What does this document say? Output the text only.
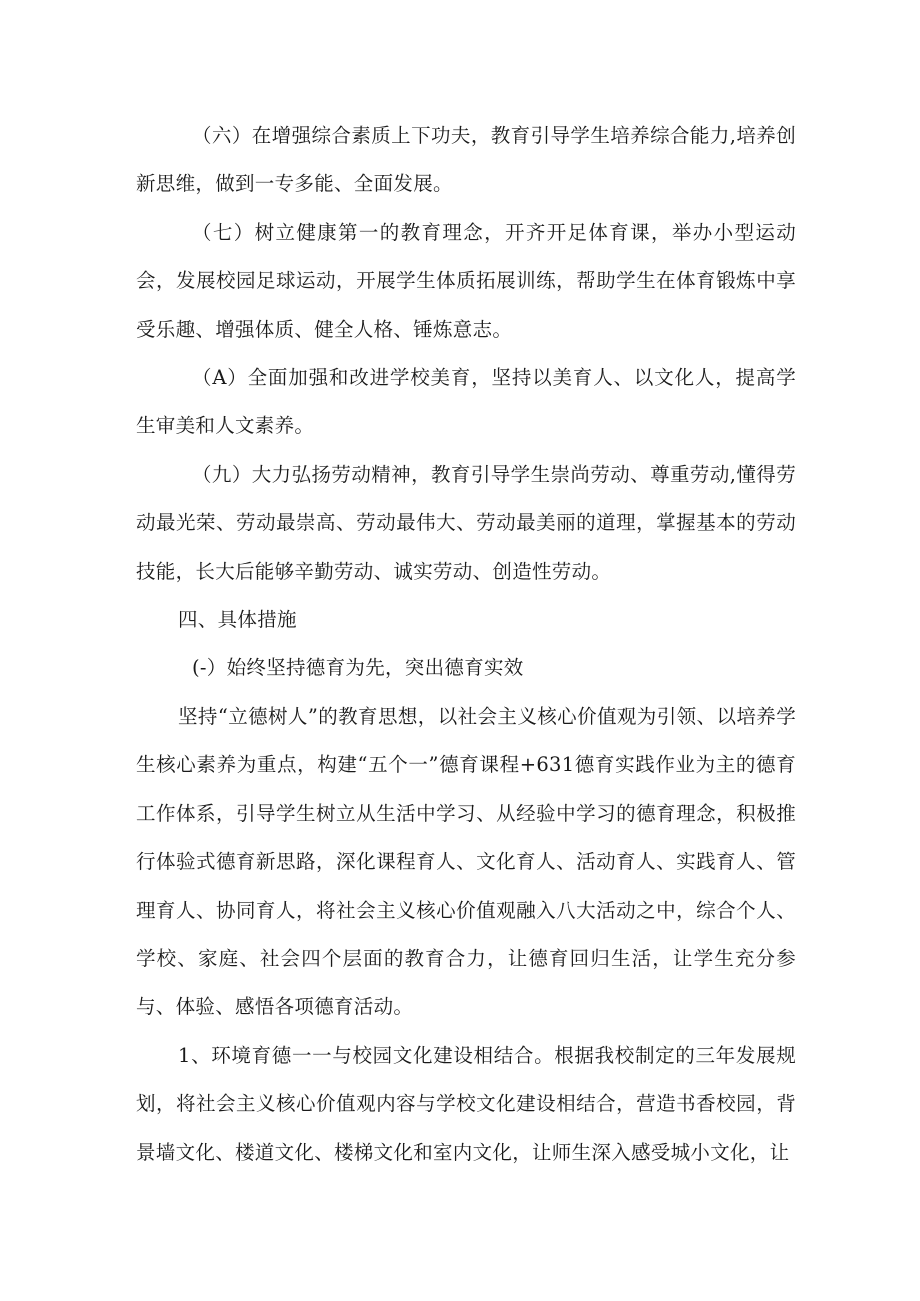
（六）在增强综合素质上下功夫，教育引导学生培养综合能力,培养创新思维，做到一专多能、全面发展。

（七）树立健康第一的教育理念，开齐开足体育课，举办小型运动会，发展校园足球运动，开展学生体质拓展训练，帮助学生在体育锻炼中享受乐趣、增强体质、健全人格、锤炼意志。

（A）全面加强和改进学校美育，坚持以美育人、以文化人，提高学生审美和人文素养。

（九）大力弘扬劳动精神，教育引导学生崇尚劳动、尊重劳动,懂得劳动最光荣、劳动最崇高、劳动最伟大、劳动最美丽的道理，掌握基本的劳动技能，长大后能够辛勤劳动、诚实劳动、创造性劳动。

四、具体措施

(-）始终坚持德育为先，突出德育实效

坚持“立德树人”的教育思想，以社会主义核心价值观为引领、以培养学生核心素养为重点，构建“五个一”德育课程+631德育实践作业为主的德育工作体系，引导学生树立从生活中学习、从经验中学习的德育理念，积极推行体验式德育新思路，深化课程育人、文化育人、活动育人、实践育人、管理育人、协同育人，将社会主义核心价值观融入八大活动之中，综合个人、学校、家庭、社会四个层面的教育合力，让德育回归生活，让学生充分参与、体验、感悟各项德育活动。

1、环境育德一一与校园文化建设相结合。根据我校制定的三年发展规划，将社会主义核心价值观内容与学校文化建设相结合，营造书香校园，背景墙文化、楼道文化、楼梯文化和室内文化，让师生深入感受城小文化，让
